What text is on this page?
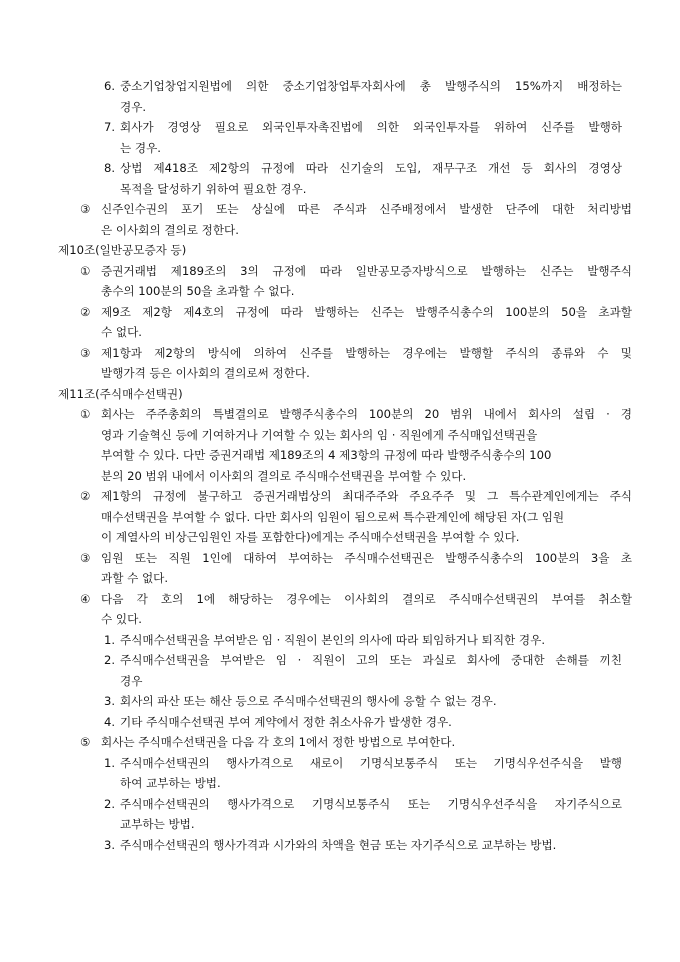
6. 중소기업창업지원법에 의한 중소기업창업투자회사에 총 발행주식의 15%까지 배정하는
경우.
7. 회사가 경영상 필요로 외국인투자촉진법에 의한 외국인투자를 위하여 신주를 발행하
는 경우.
8. 상법 제418조 제2항의 규정에 따라 신기술의 도입, 재무구조 개선 등 회사의 경영상
목적을 달성하기 위하여 필요한 경우.
③ 신주인수권의 포기 또는 상실에 따른 주식과 신주배정에서 발생한 단주에 대한 처리방법
은 이사회의 결의로 정한다.
제10조(일반공모증자 등)
① 증권거래법 제189조의 3의 규정에 따라 일반공모증자방식으로 발행하는 신주는 발행주식
총수의 100분의 50을 초과할 수 없다.
② 제9조 제2항 제4호의 규정에 따라 발행하는 신주는 발행주식총수의 100분의 50을 초과할
수 없다.
③ 제1항과 제2항의 방식에 의하여 신주를 발행하는 경우에는 발행할 주식의 종류와 수 및
발행가격 등은 이사회의 결의로써 정한다.
제11조(주식매수선택권)
① 회사는 주주총회의 특별결의로 발행주식총수의 100분의 20 범위 내에서 회사의 설립 · 경
영과 기술혁신 등에 기여하거나 기여할 수 있는 회사의 임 · 직원에게 주식매입선택권을
부여할 수 있다. 다만 증권거래법 제189조의 4 제3항의 규정에 따라 발행주식총수의 100
분의 20 범위 내에서 이사회의 결의로 주식매수선택권을 부여할 수 있다.
② 제1항의 규정에 불구하고 증권거래법상의 최대주주와 주요주주 및 그 특수관계인에게는 주식
매수선택권을 부여할 수 없다. 다만 회사의 임원이 됨으로써 특수관계인에 해당된 자(그 임원
이 계열사의 비상근임원인 자를 포함한다)에게는 주식매수선택권을 부여할 수 있다.
③ 임원 또는 직원 1인에 대하여 부여하는 주식매수선택권은 발행주식총수의 100분의 3을 초
과할 수 없다.
④ 다음 각 호의 1에 해당하는 경우에는 이사회의 결의로 주식매수선택권의 부여를 취소할
수 있다.
1. 주식매수선택권을 부여받은 임 · 직원이 본인의 의사에 따라 퇴임하거나 퇴직한 경우.
2. 주식매수선택권을 부여받은 임 · 직원이 고의 또는 과실로 회사에 중대한 손해를 끼친
경우
3. 회사의 파산 또는 해산 등으로 주식매수선택권의 행사에 응할 수 없는 경우.
4. 기타 주식매수선택권 부여 계약에서 정한 취소사유가 발생한 경우.
⑤ 회사는 주식매수선택권을 다음 각 호의 1에서 정한 방법으로 부여한다.
1. 주식매수선택권의 행사가격으로 새로이 기명식보통주식 또는 기명식우선주식을 발행
하여 교부하는 방법.
2. 주식매수선택권의 행사가격으로 기명식보통주식 또는 기명식우선주식을 자기주식으로
교부하는 방법.
3. 주식매수선택권의 행사가격과 시가와의 차액을 현금 또는 자기주식으로 교부하는 방법.
